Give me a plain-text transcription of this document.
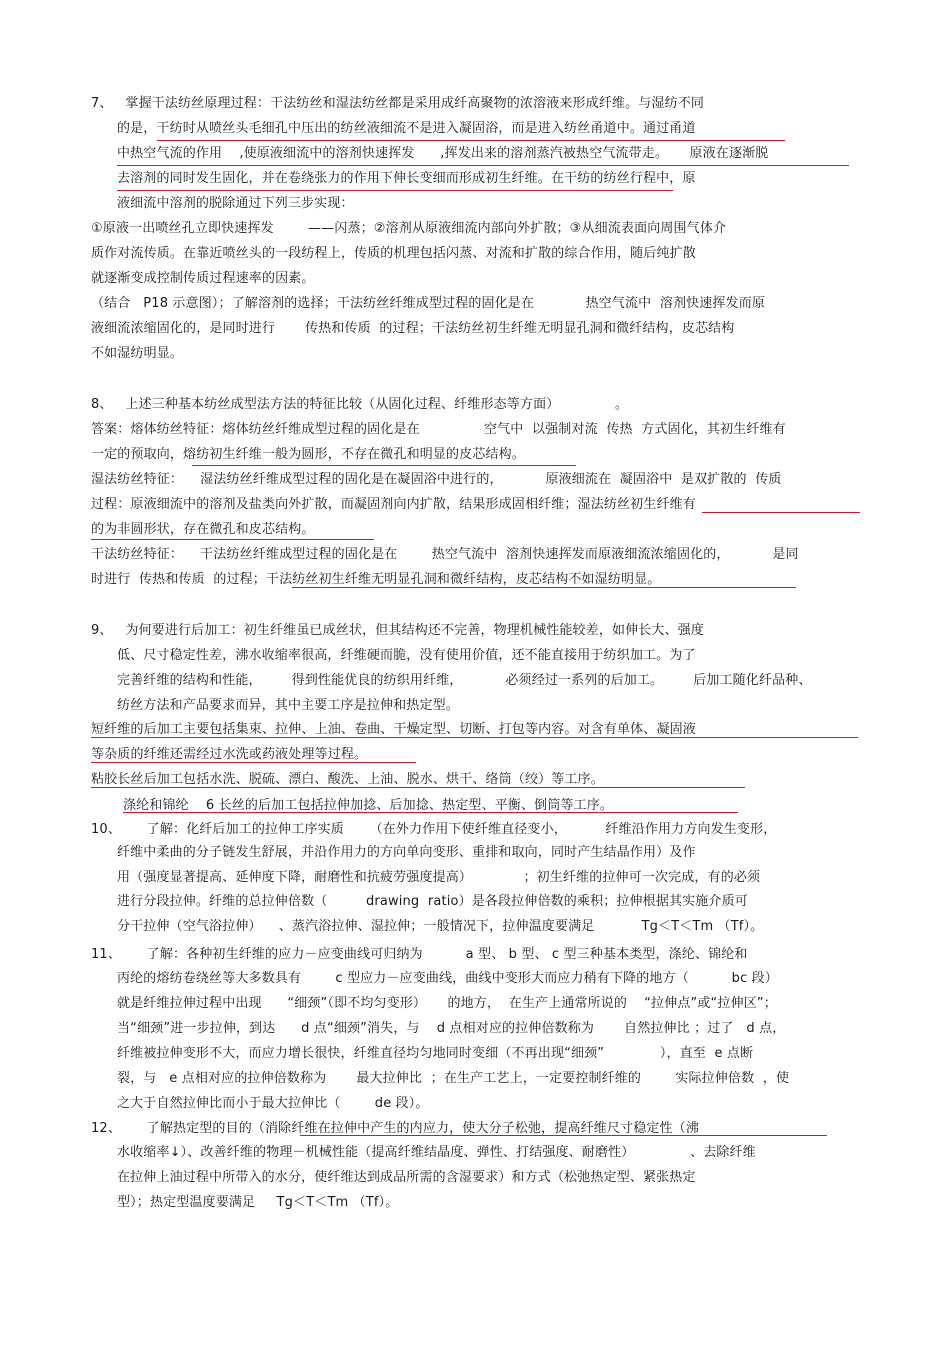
7、   掌握干法纺丝原理过程：干法纺丝和湿法纺丝都是采用成纤高聚物的浓溶液来形成纤维。与湿纺不同
的是，干纺时从喷丝头毛细孔中压出的纺丝液细流不是进入凝固浴，而是进入纺丝甬道中。通过甬道
中热空气流的作用    ,使原液细流中的溶剂快速挥发      ,挥发出来的溶剂蒸汽被热空气流带走。     原液在逐渐脱
去溶剂的同时发生固化，并在卷绕张力的作用下伸长变细而形成初生纤维。在干纺的纺丝行程中，原
液细流中溶剂的脱除通过下列三步实现：
①原液一出喷丝孔立即快速挥发        ——闪蒸；②溶剂从原液细流内部向外扩散；③从细流表面向周围气体介
质作对流传质。在靠近喷丝头的一段纺程上，传质的机理包括闪蒸、对流和扩散的综合作用，随后纯扩散
就逐渐变成控制传质过程速率的因素。
（结合   P18 示意图）；了解溶剂的选择；干法纺丝纤维成型过程的固化是在            热空气流中  溶剂快速挥发而原
液细流浓缩固化的，是同时进行       传热和传质  的过程；干法纺丝初生纤维无明显孔洞和微纤结构，皮芯结构
不如湿纺明显。
8、   上述三种基本纺丝成型法方法的特征比较（从固化过程、纤维形态等方面）             。
答案：熔体纺丝特征：熔体纺丝纤维成型过程的固化是在               空气中  以强制对流  传热  方式固化，其初生纤维有
一定的预取向，熔纺初生纤维一般为圆形，不存在微孔和明显的皮芯结构。
湿法纺丝特征：    湿法纺丝纤维成型过程的固化是在凝固浴中进行的，          原液细流在  凝固浴中  是双扩散的  传质
过程：原液细流中的溶剂及盐类向外扩散，而凝固剂向内扩散，结果形成固相纤维；湿法纺丝初生纤维有
的为非圆形状，存在微孔和皮芯结构。
干法纺丝特征：    干法纺丝纤维成型过程的固化是在        热空气流中  溶剂快速挥发而原液细流浓缩固化的，          是同
时进行  传热和传质  的过程；干法纺丝初生纤维无明显孔洞和微纤结构，皮芯结构不如湿纺明显。
9、   为何要进行后加工：初生纤维虽已成丝状，但其结构还不完善，物理机械性能较差，如伸长大、强度
低、尺寸稳定性差，沸水收缩率很高，纤维硬而脆，没有使用价值，还不能直接用于纺织加工。为了
完善纤维的结构和性能，       得到性能优良的纺织用纤维，          必须经过一系列的后加工。       后加工随化纤品种、
纺丝方法和产品要求而异，其中主要工序是拉伸和热定型。
短纤维的后加工主要包括集束、拉伸、上油、卷曲、干燥定型、切断、打包等内容。对含有单体、凝固液
等杂质的纤维还需经过水洗或药液处理等过程。
粘胶长丝后加工包括水洗、脱硫、漂白、酸洗、上油、脱水、烘干、络筒（绞）等工序。
涤纶和锦纶    6 长丝的后加工包括拉伸加捻、后加捻、热定型、平衡、倒筒等工序。
10、      了解：化纤后加工的拉伸工序实质      （在外力作用下使纤维直径变小，         纤维沿作用力方向发生变形，
纤维中柔曲的分子链发生舒展，并沿作用力的方向单向变形、重排和取向，同时产生结晶作用）及作
用（强度显著提高、延伸度下降，耐磨性和抗疲劳强度提高）            ；初生纤维的拉伸可一次完成，有的必须
进行分段拉伸。纤维的总拉伸倍数（         drawing  ratio）是各段拉伸倍数的乘积；拉伸根据其实施介质可
分干拉伸（空气浴拉伸）    、蒸汽浴拉伸、湿拉伸；一般情况下，拉伸温度要满足           Tg＜T＜Tm （Tf）。
11、      了解：各种初生纤维的应力－应变曲线可归纳为          a 型、 b 型、 c 型三种基本类型，涤纶、锦纶和
丙纶的熔纺卷绕丝等大多数具有        c 型应力－应变曲线，曲线中变形大而应力稍有下降的地方（          bc 段）
就是纤维拉伸过程中出现      “细颈”（即不均匀变形）     的地方，  在生产上通常所说的    “拉伸点”或“拉伸区”；
当“细颈”进一步拉伸，到达      d 点“细颈”消失，与    d 点相对应的拉伸倍数称为       自然拉伸比 ；过了   d 点，
纤维被拉伸变形不大，而应力增长很快，纤维直径均匀地同时变细（不再出现“细颈”             ），直至  e 点断
裂，与   e 点相对应的拉伸倍数称为       最大拉伸比  ；在生产工艺上，一定要控制纤维的        实际拉伸倍数  ，使
之大于自然拉伸比而小于最大拉伸比（        de 段）。
12、      了解热定型的目的（消除纤维在拉伸中产生的内应力，使大分子松弛，提高纤维尺寸稳定性（沸
水收缩率↓）、改善纤维的物理－机械性能（提高纤维结晶度、弹性、打结强度、耐磨性）             、去除纤维
在拉伸上油过程中所带入的水分，使纤维达到成品所需的含湿要求）和方式（松弛热定型、紧张热定
型）；热定型温度要满足     Tg＜T＜Tm （Tf）。
